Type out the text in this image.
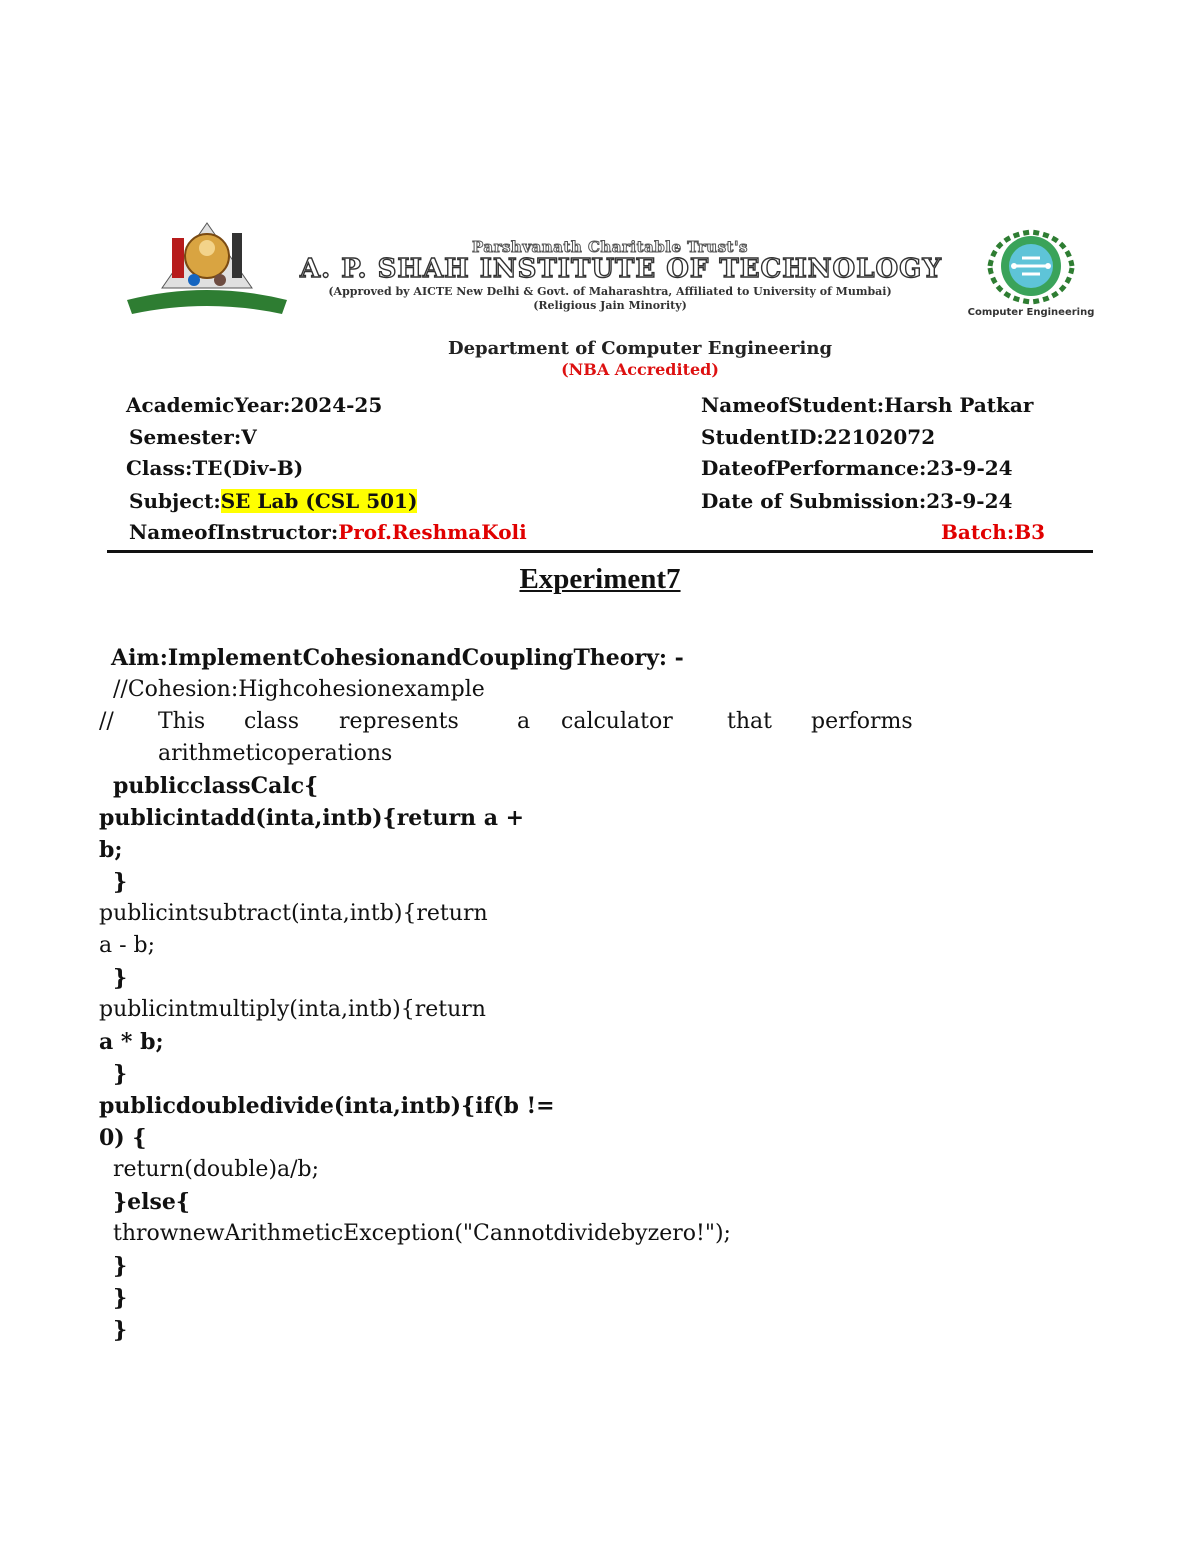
Parshvanath Charitable Trust's
A. P. SHAH INSTITUTE OF TECHNOLOGY
(Approved by AICTE New Delhi & Govt. of Maharashtra, Affiliated to University of Mumbai)
(Religious Jain Minority)
Computer Engineering
Department of Computer Engineering
(NBA Accredited)
AcademicYear:2024-25
Semester:V
Class:TE(Div-B)
Subject:SE Lab (CSL 501)
NameofInstructor:Prof.ReshmaKoli
NameofStudent:Harsh Patkar
StudentID:22102072
DateofPerformance:23-9-24
Date of Submission:23-9-24
Batch:B3
Experiment7
Aim:ImplementCohesionandCouplingTheory: -
//Cohesion:Highcohesionexample
// This class represents	a calculator that performs
arithmeticoperations
publicclassCalc{
publicintadd(inta,intb){return a +
b;
}
publicintsubtract(inta,intb){return
a - b;
}
publicintmultiply(inta,intb){return
a * b;
}
publicdoubledivide(inta,intb){if(b !=
0) {
return(double)a/b;
}else{
thrownewArithmeticException("Cannotdividebyzero!");
}
}
}
